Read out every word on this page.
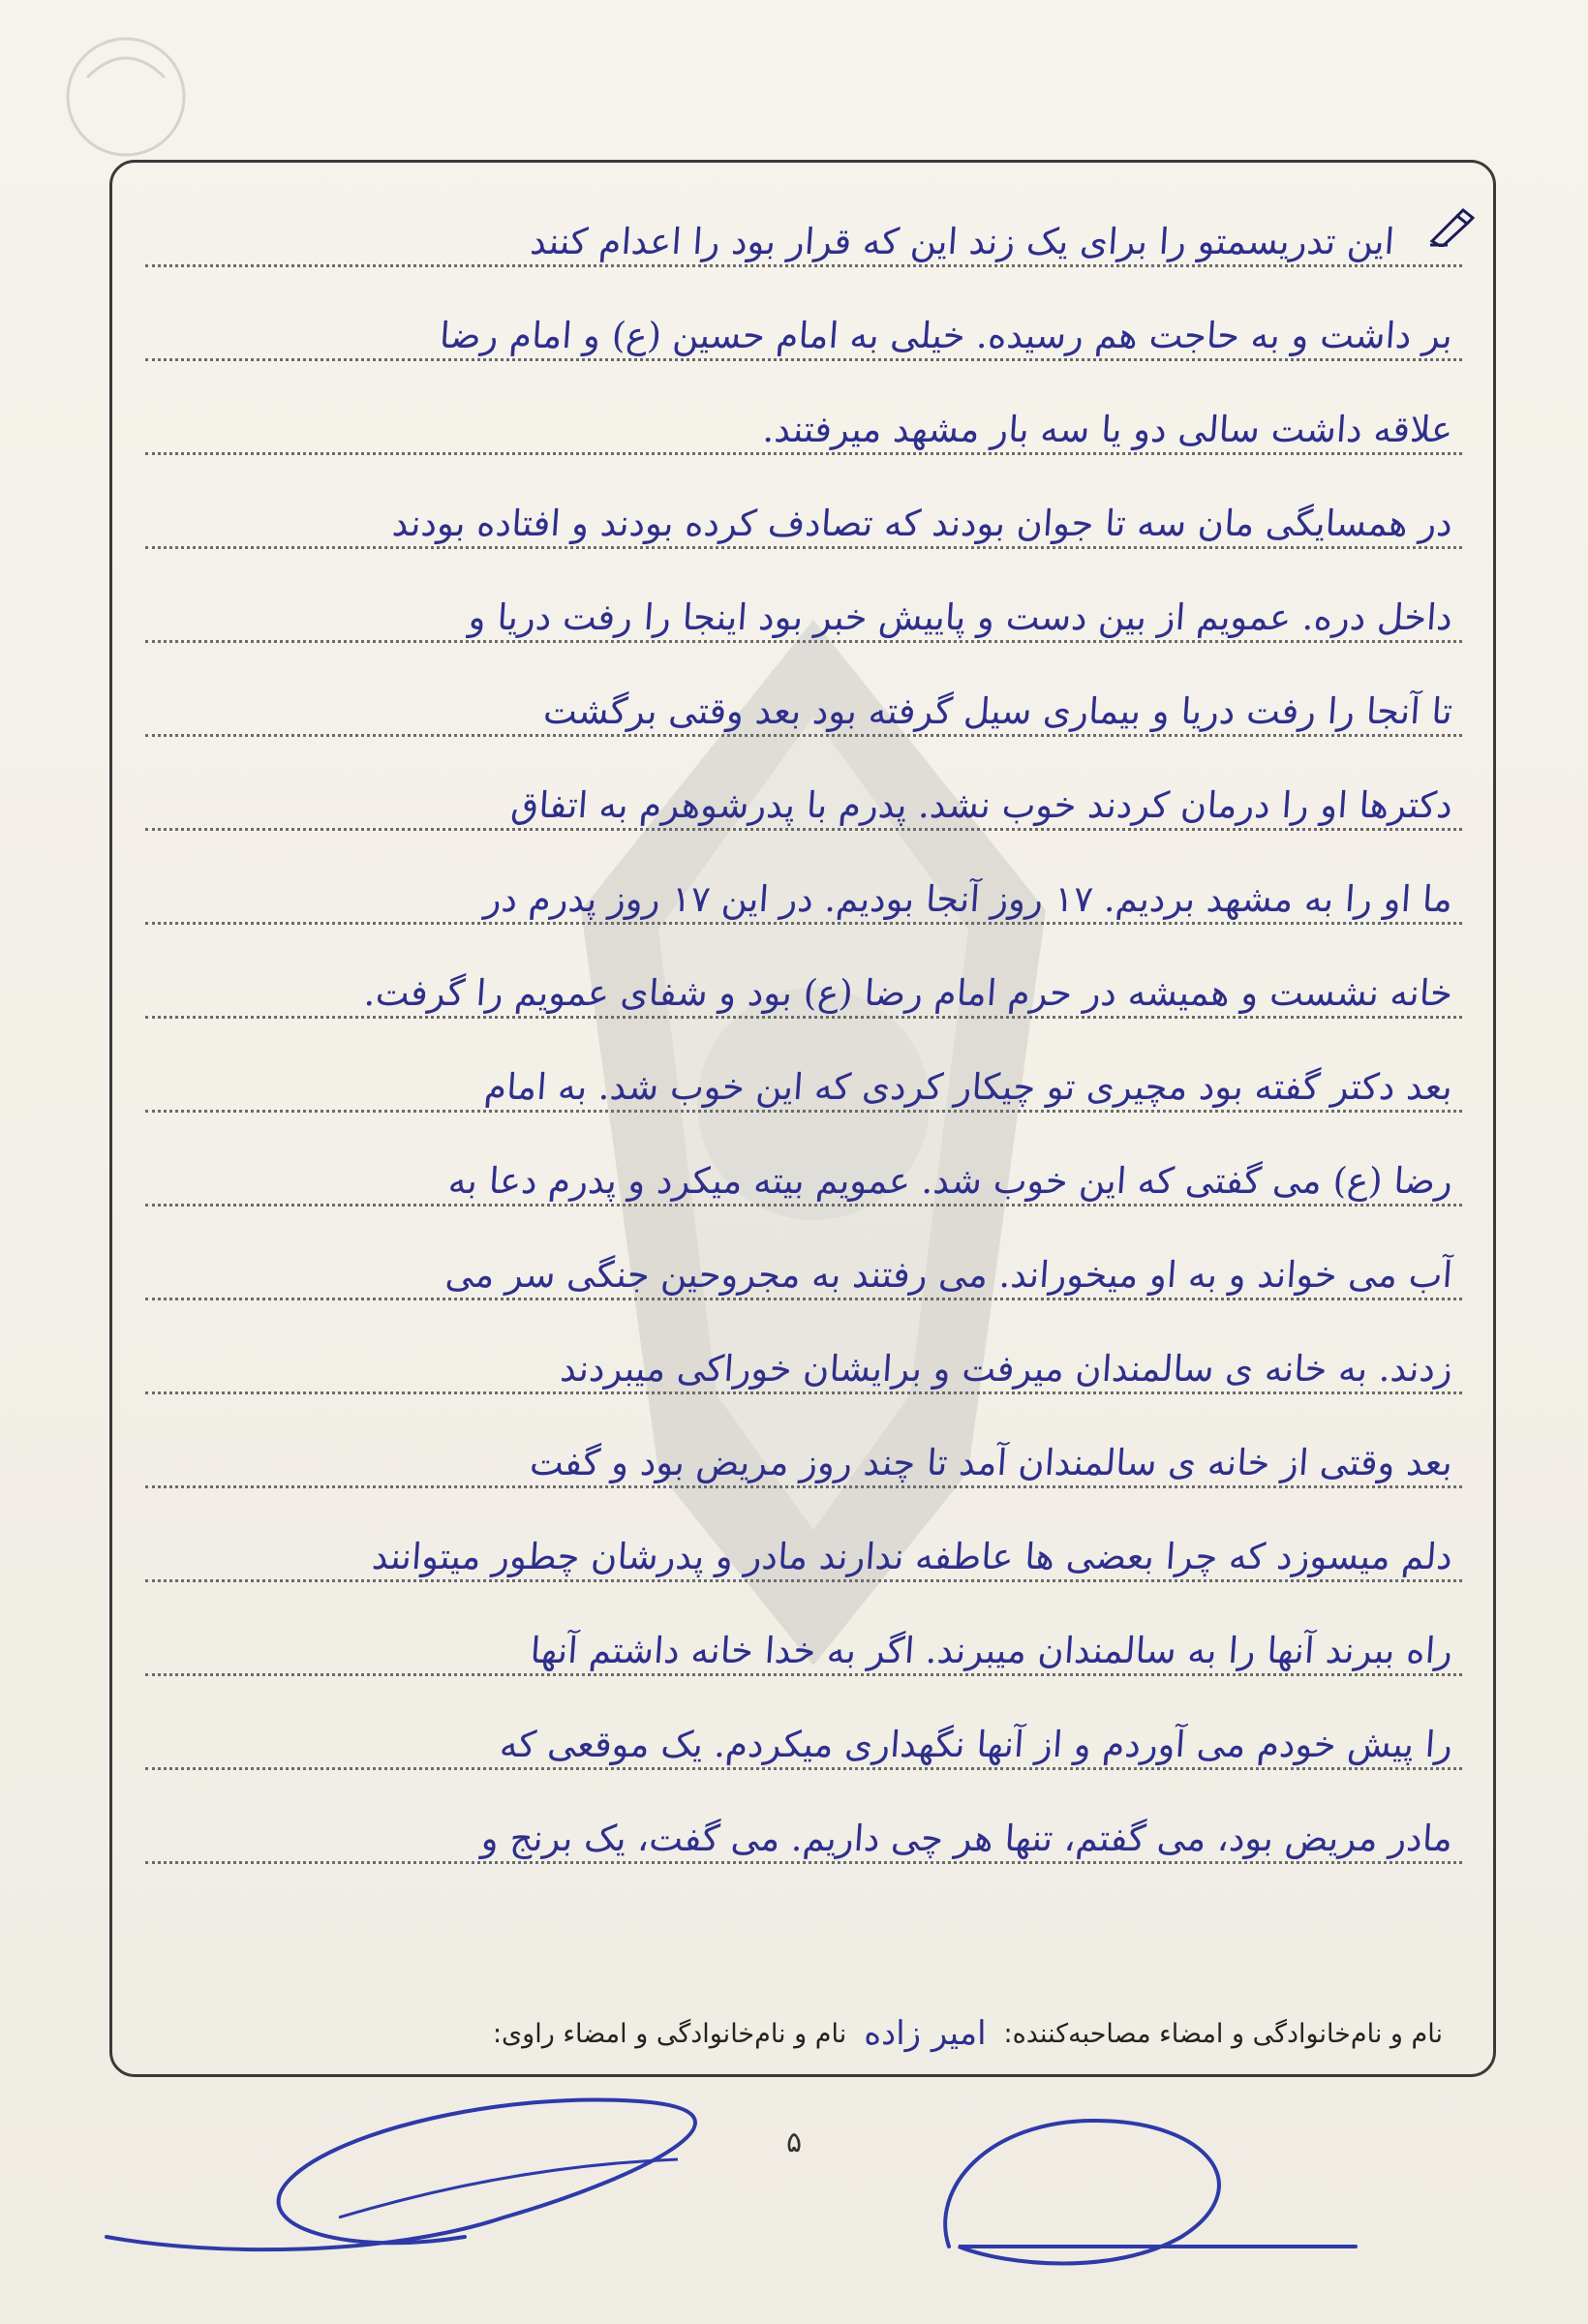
این تدریسمتو را برای یک زند این که قرار بود را اعدام کنند
بر داشت و به حاجت هم رسیده. خیلی به امام حسین (ع) و امام رضا
علاقه داشت سالی دو یا سه بار مشهد میرفتند.
در همسایگی مان سه تا جوان بودند که تصادف کرده بودند و افتاده بودند
داخل دره. عمویم از بین دست و پاییش خبر بود اینجا را رفت دریا و
تا آنجا را رفت دریا و بیماری سیل گرفته بود بعد وقتی برگشت
دکترها او را درمان کردند خوب نشد. پدرم با پدرشوهرم به اتفاق
ما او را به مشهد بردیم. ۱۷ روز آنجا بودیم. در این ۱۷ روز پدرم در
خانه نشست و همیشه در حرم امام رضا (ع) بود و شفای عمویم را گرفت.
بعد دکتر گفته بود مچیری تو چیکار کردی که این خوب شد. به امام
رضا (ع) می گفتی که این خوب شد. عمویم بیته میکرد و پدرم دعا به
آب می خواند و به او میخوراند. می رفتند به مجروحین جنگی سر می
زدند. به خانه ی سالمندان میرفت و برایشان خوراکی میبردند
بعد وقتی از خانه ی سالمندان آمد تا چند روز مریض بود و گفت
دلم میسوزد که چرا بعضی ها عاطفه ندارند مادر و پدرشان چطور میتوانند
راه ببرند آنها را به سالمندان میبرند. اگر به خدا خانه داشتم آنها
را پیش خودم می آوردم و از آنها نگهداری میکردم. یک موقعی که
مادر مریض بود، می گفتم، تنها هر چی داریم. می گفت، یک برنج و
نام و نام‌خانوادگی و امضاء مصاحبه‌کننده:
امیر زاده
نام و نام‌خانوادگی و امضاء راوی:
۵
